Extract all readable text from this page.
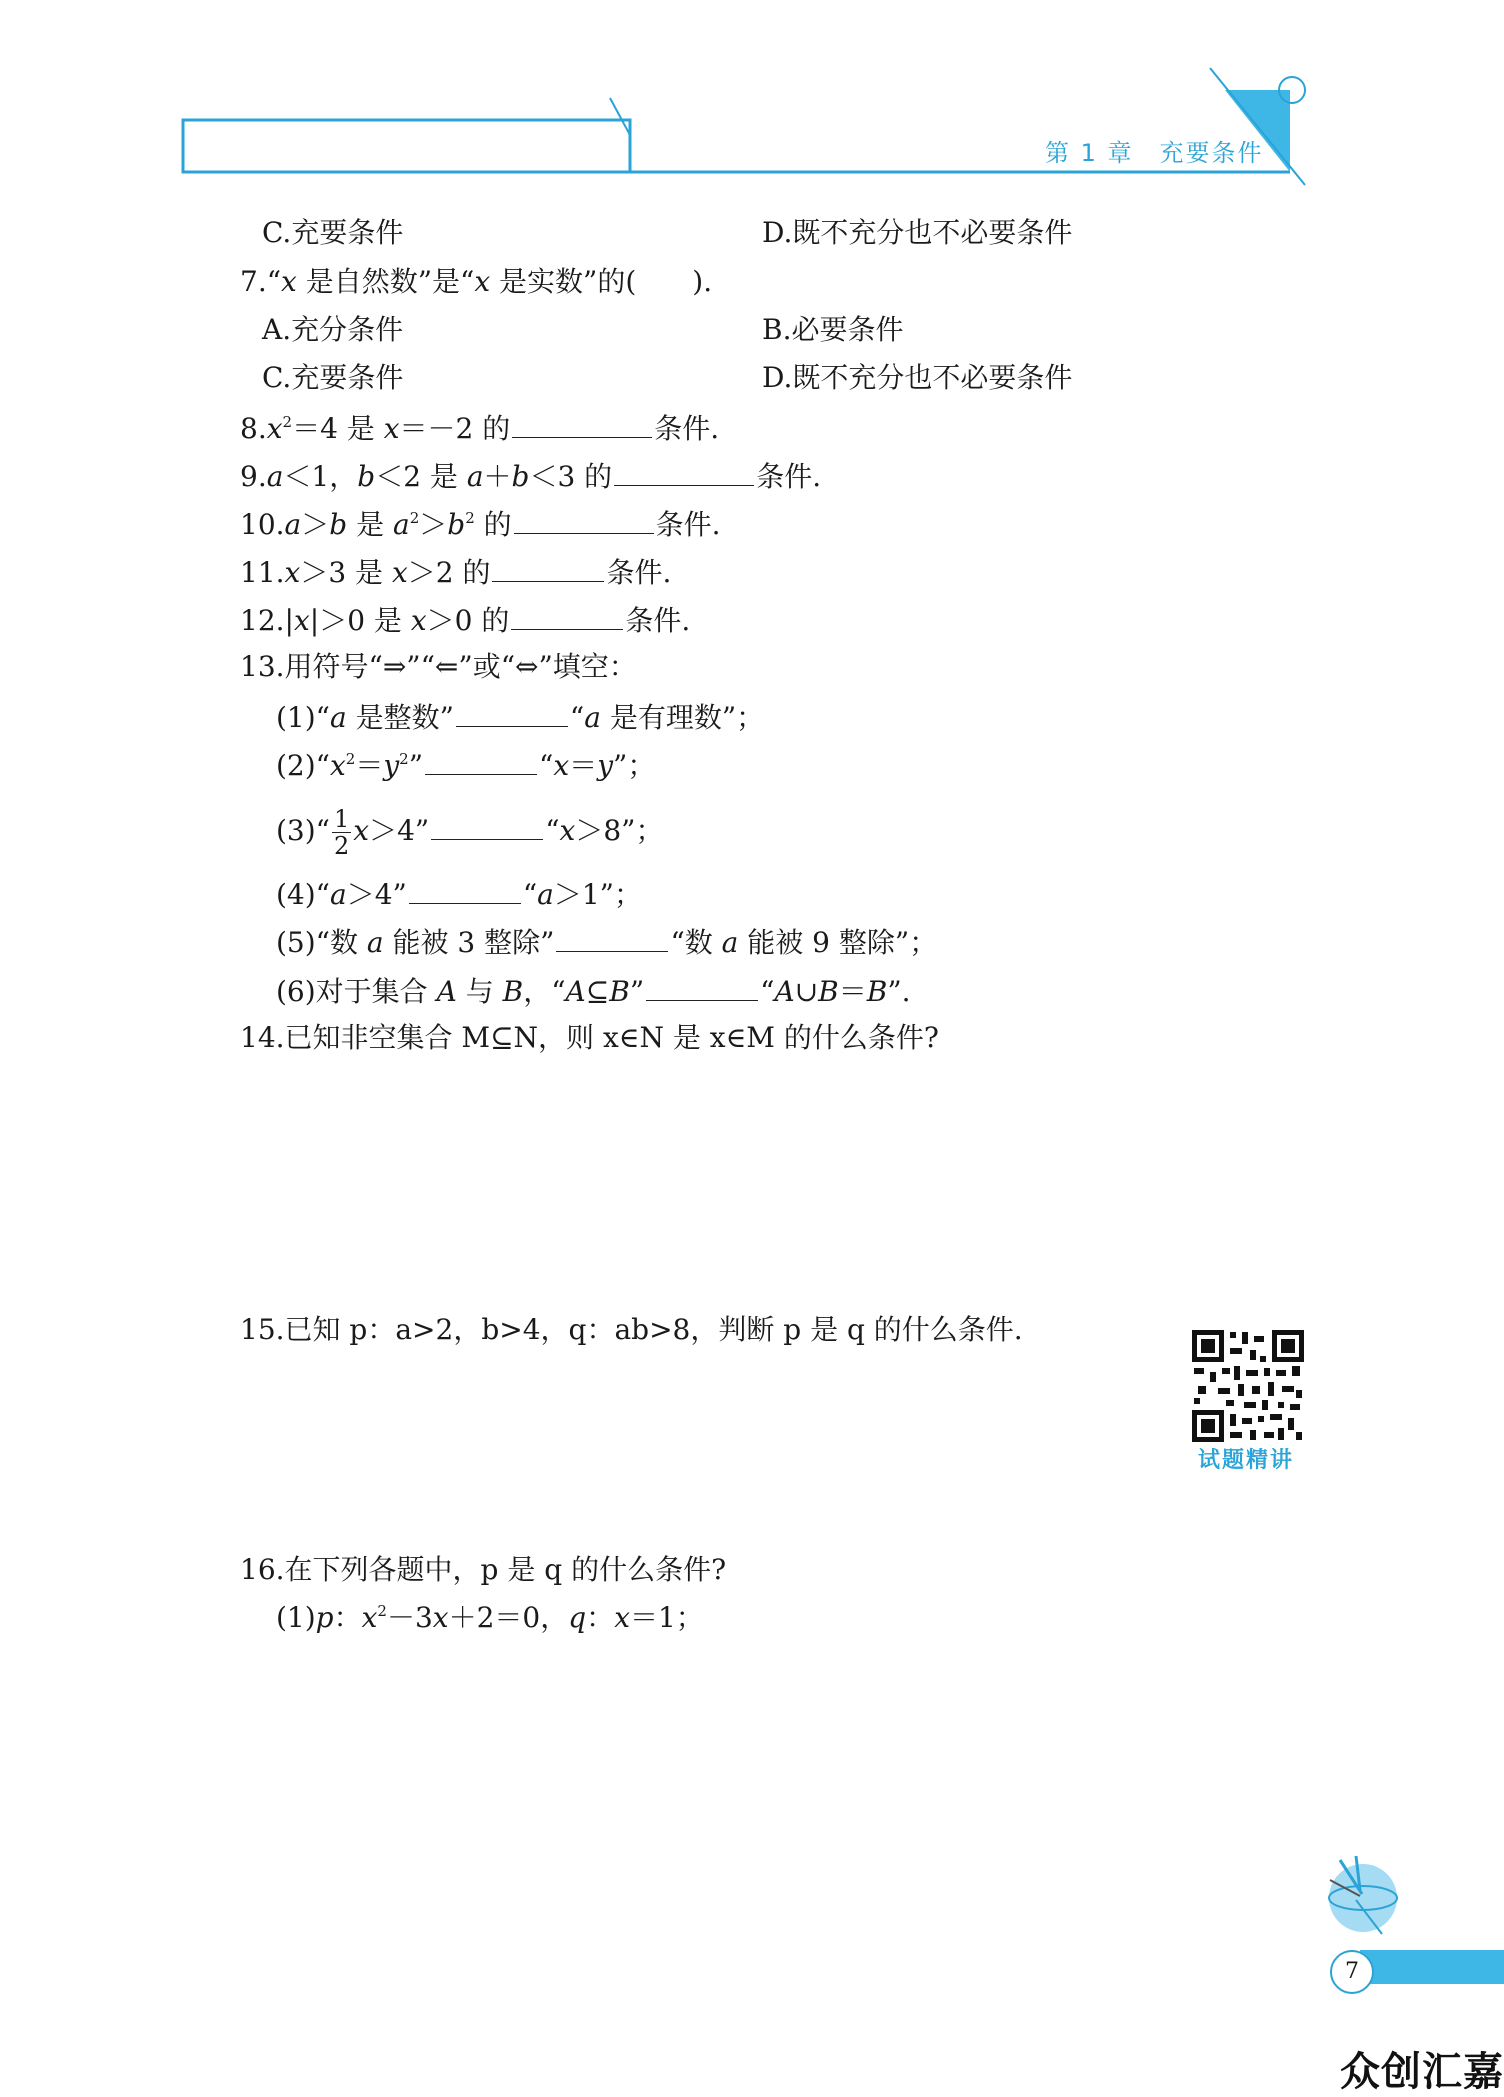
第 1 章　充要条件
C.充要条件	D.既不充分也不必要条件
7.“x 是自然数”是“x 是实数”的(　　).
A.充分条件	B.必要条件
C.充要条件	D.既不充分也不必要条件
$8.x^2=4$ 是 x＝－2 的	条件.
9.a＜1，b＜2 是 a＋b＜3 的	条件.
10.a＞b 是 $a^2>b^2$ 的	条件.
11.x＞3 是 x＞2 的	条件.
12.|x|＞0 是 x＞0 的	条件.
13.用符号“⇒”“⇐”或“⇔”填空：
(1)“a 是整数”	“a 是有理数”；
$(2)“x^2=y^2$”	“x＝y”；
(3)“ $\frac{1}{2} x>4$”	“x＞8”；
(4)“a＞4”	“a＞1”；
(5)“数 a 能被 3 整除”	“数 a 能被 9 整除”；
(6)对于集合 A 与 B，“A⊆B”	“A∪B＝B”.
14.已知非空集合 M⊆N，则 x∈N 是 x∈M 的什么条件?
15.已知 p：a>2，b>4，q：ab>8，判断 p 是 q 的什么条件.
试题精讲
16.在下列各题中，p 是 q 的什么条件?
(1)p：$x^2-3x+2=0$，q：x＝1；
7
众创汇嘉
